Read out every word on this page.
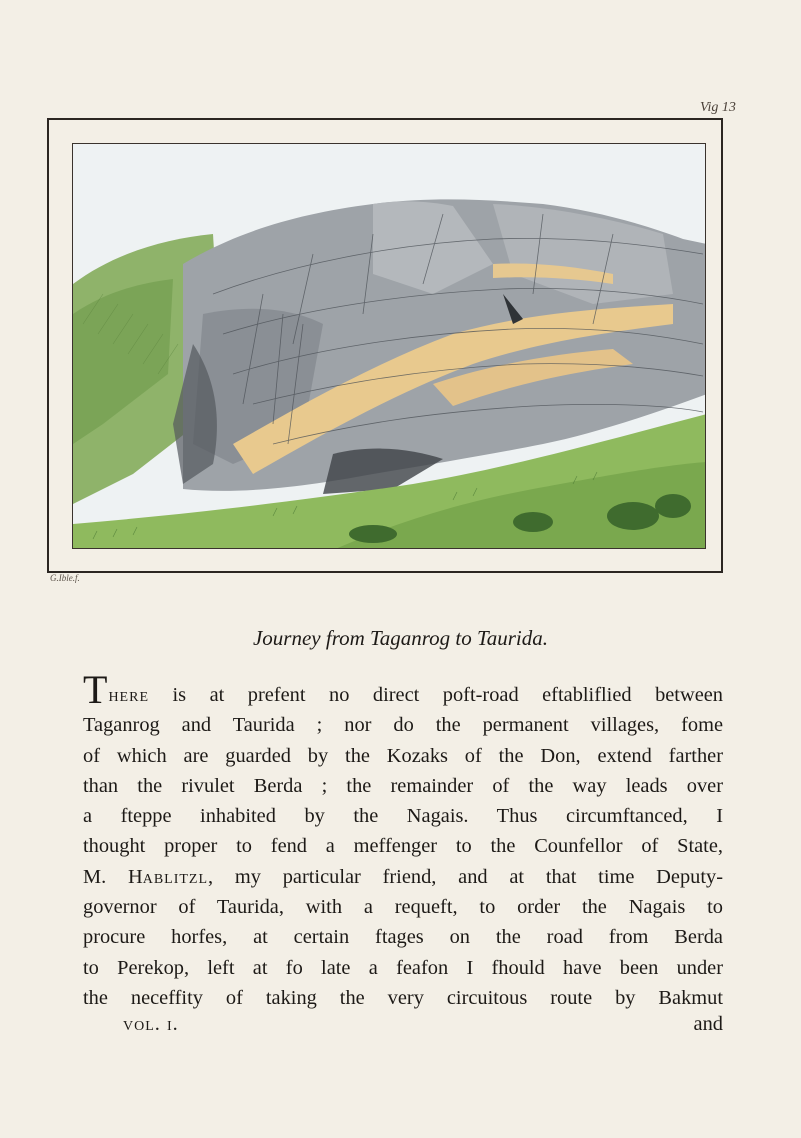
Vig 13
G.Ible.f.
Journey from Taganrog to Taurida.
There is at prefent no direct poft-road eftabliflied between
Taganrog and Taurida ; nor do the permanent villages, fome
of which are guarded by the Kozaks of the Don, extend farther
than the rivulet Berda ; the remainder of the way leads over
a fteppe inhabited by the Nagais. Thus circumftanced, I
thought proper to fend a meffenger to the Counfellor of State,
M. Hablitzl, my particular friend, and at that time Deputy-
governor of Taurida, with a requeft, to order the Nagais to
procure horfes, at certain ftages on the road from Berda
to Perekop, left at fo late a feafon I fhould have been under
the neceffity of taking the very circuitous route by Bakmut
vol. i.	and
